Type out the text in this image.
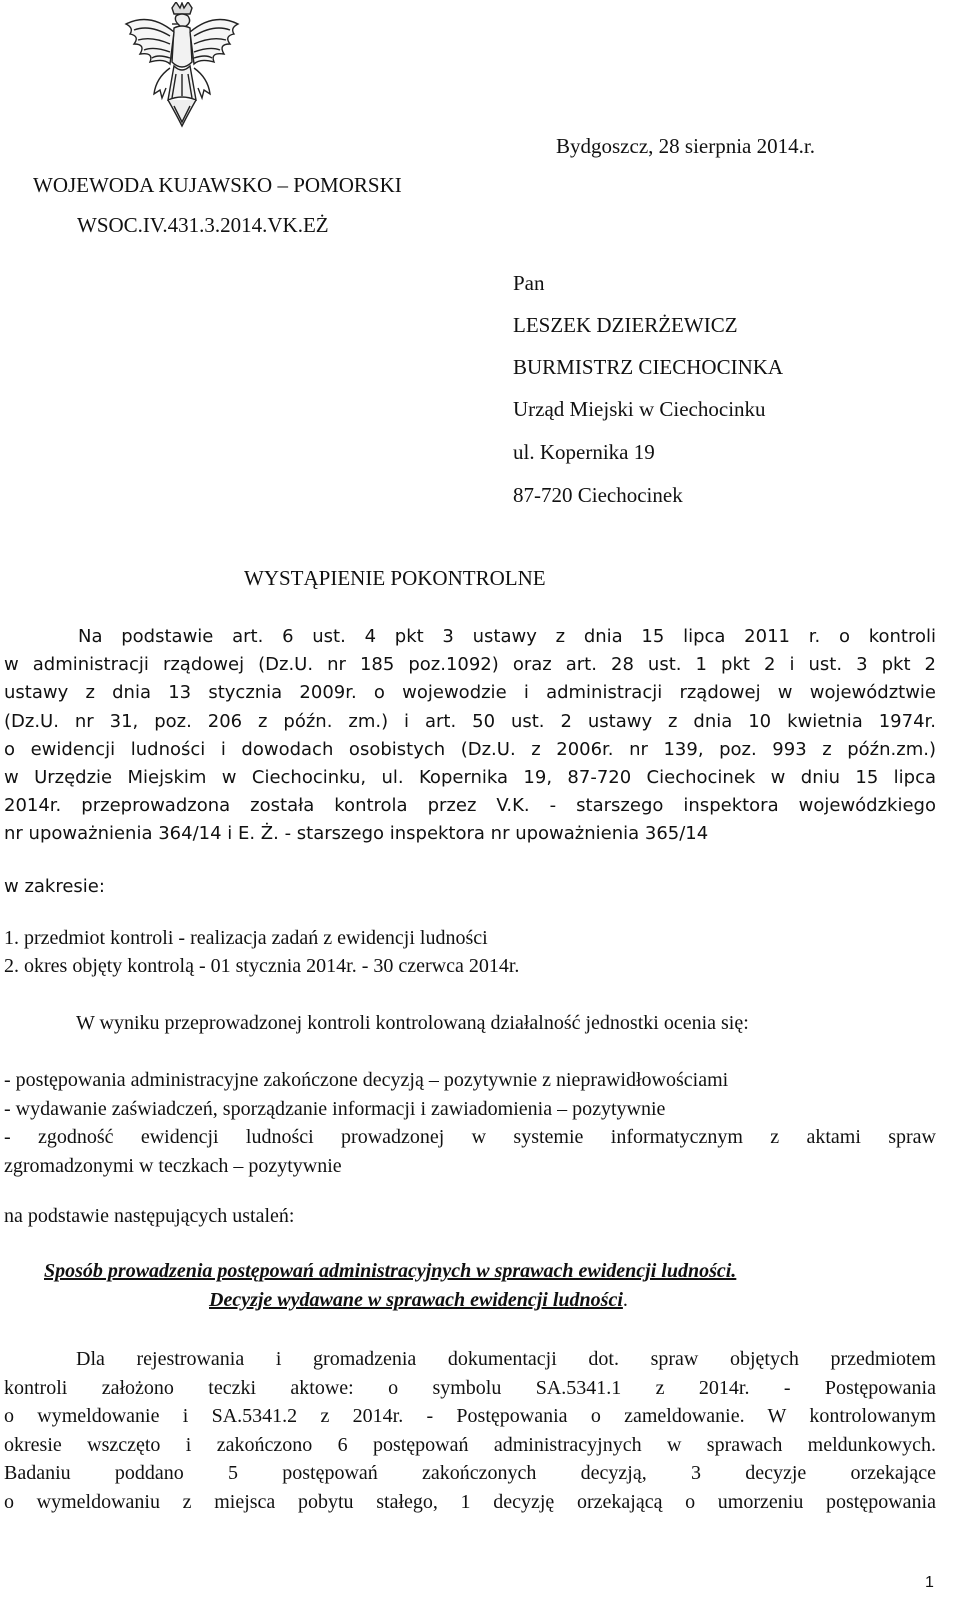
WOJEWODA KUJAWSKO – POMORSKI
WSOC.IV.431.3.2014.VK.EŻ
Bydgoszcz, 28 sierpnia 2014.r.
Pan
LESZEK DZIERŻEWICZ
BURMISTRZ CIECHOCINKA
Urząd Miejski w Ciechocinku
ul. Kopernika 19
87-720 Ciechocinek
WYSTĄPIENIE POKONTROLNE
Na podstawie art. 6 ust. 4 pkt 3 ustawy z dnia 15 lipca 2011 r. o kontroli
w administracji rządowej (Dz.U. nr 185 poz.1092) oraz art. 28 ust. 1 pkt 2 i ust. 3 pkt 2
ustawy z dnia 13 stycznia 2009r. o wojewodzie i administracji rządowej w województwie
(Dz.U. nr 31, poz. 206 z późn. zm.) i art. 50 ust. 2 ustawy z dnia 10 kwietnia 1974r.
o ewidencji ludności i dowodach osobistych (Dz.U. z 2006r. nr 139, poz. 993 z późn.zm.)
w Urzędzie Miejskim w Ciechocinku, ul. Kopernika 19, 87-720 Ciechocinek w dniu 15 lipca
2014r. przeprowadzona została kontrola przez V.K. - starszego inspektora wojewódzkiego
nr upoważnienia 364/14 i E. Ż. - starszego inspektora nr upoważnienia 365/14
w zakresie:
1. przedmiot kontroli - realizacja zadań z ewidencji ludności
2. okres objęty kontrolą - 01 stycznia 2014r. - 30 czerwca 2014r.
W wyniku przeprowadzonej kontroli kontrolowaną działalność jednostki ocenia się:
- postępowania administracyjne zakończone decyzją – pozytywnie z nieprawidłowościami
- wydawanie zaświadczeń, sporządzanie informacji i zawiadomienia – pozytywnie
- zgodność ewidencji ludności prowadzonej w systemie informatycznym z aktami spraw
zgromadzonymi w teczkach – pozytywnie
na podstawie następujących ustaleń:
Sposób prowadzenia postępowań administracyjnych w sprawach ewidencji ludności.
Decyzje wydawane w sprawach ewidencji ludności.
Dla rejestrowania i gromadzenia dokumentacji dot. spraw objętych przedmiotem
kontroli założono teczki aktowe: o symbolu SA.5341.1 z 2014r. - Postępowania
o wymeldowanie i SA.5341.2 z 2014r. - Postępowania o zameldowanie. W kontrolowanym
okresie wszczęto i zakończono 6 postępowań administracyjnych w sprawach meldunkowych.
Badaniu poddano 5 postępowań zakończonych decyzją, 3 decyzje orzekające
o wymeldowaniu z miejsca pobytu stałego, 1 decyzję orzekającą o umorzeniu postępowania
1
